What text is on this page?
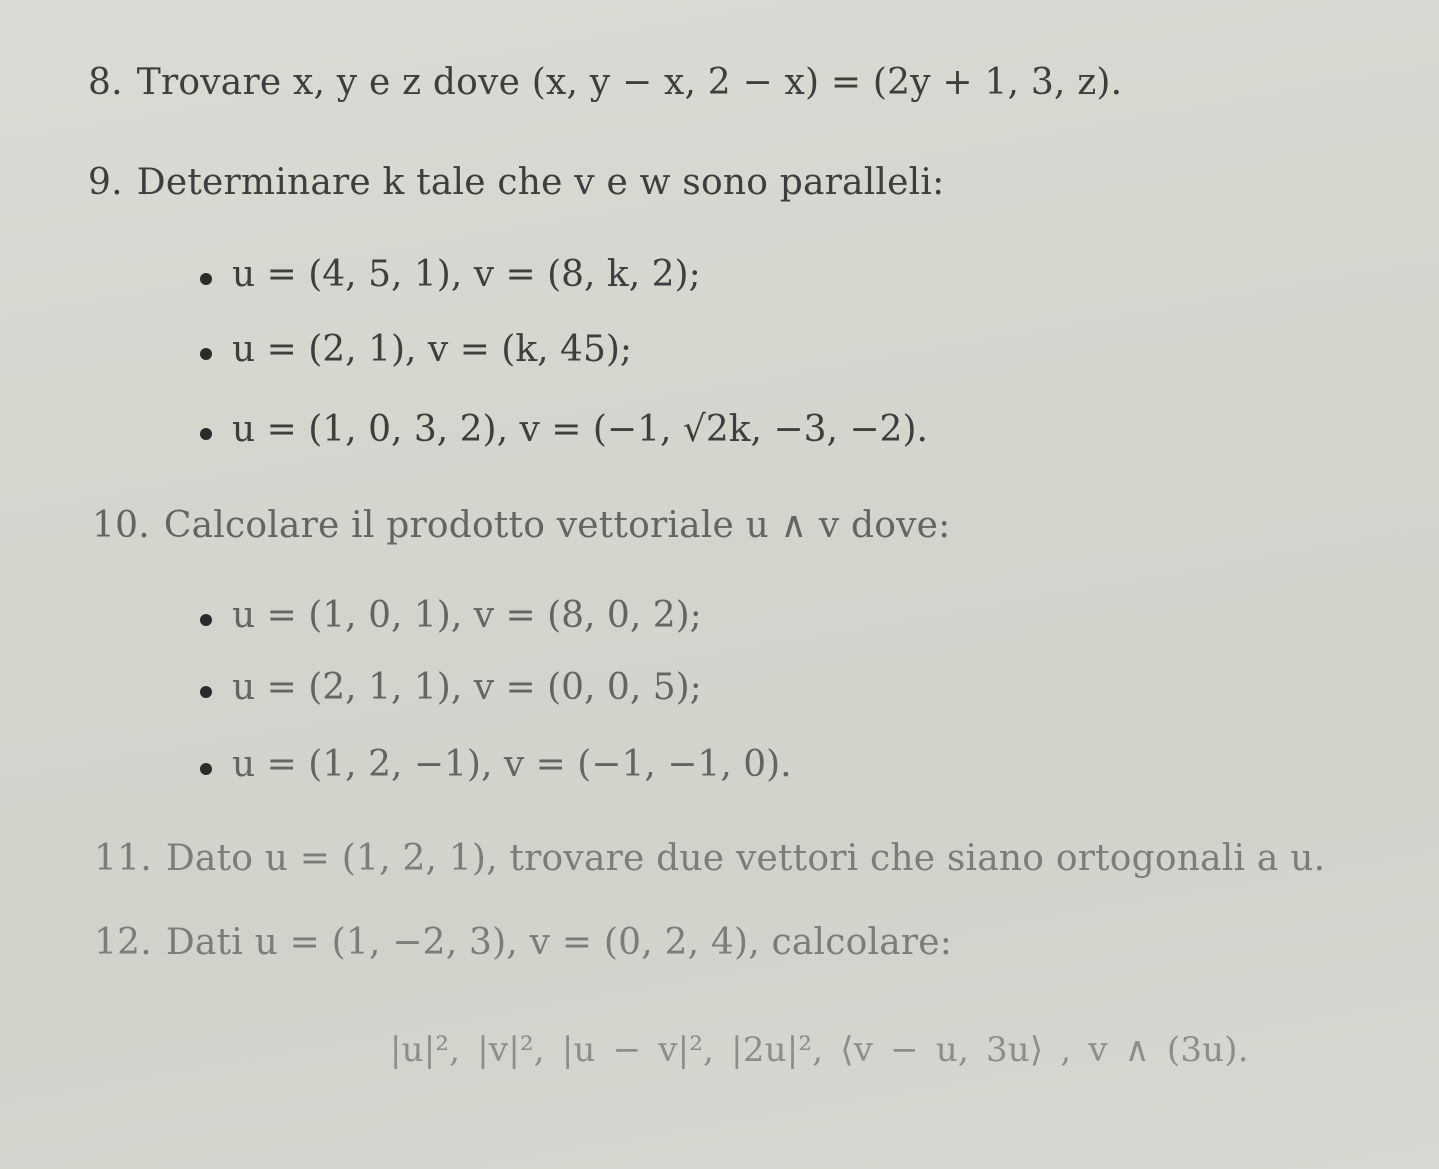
8. Trovare x, y e z dove (x, y − x, 2 − x) = (2y + 1, 3, z).
9. Determinare k tale che v e w sono paralleli:
u = (4, 5, 1), v = (8, k, 2);
u = (2, 1), v = (k, 45);
u = (1, 0, 3, 2), v = (−1, √2k, −3, −2).
10. Calcolare il prodotto vettoriale u ∧ v dove:
u = (1, 0, 1), v = (8, 0, 2);
u = (2, 1, 1), v = (0, 0, 5);
u = (1, 2, −1), v = (−1, −1, 0).
11. Dato u = (1, 2, 1), trovare due vettori che siano ortogonali a u.
12. Dati u = (1, −2, 3), v = (0, 2, 4), calcolare:
|u|², |v|², |u − v|², |2u|², ⟨v − u, 3u⟩ , v ∧ (3u).
